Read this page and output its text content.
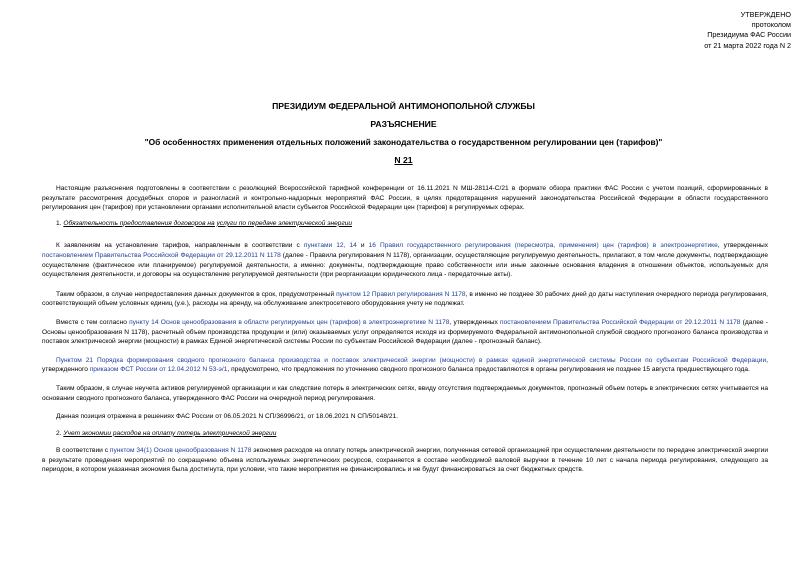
УТВЕРЖДЕНО
протоколом
Президиума ФАС России
от 21 марта 2022 года N 2
ПРЕЗИДИУМ ФЕДЕРАЛЬНОЙ АНТИМОНОПОЛЬНОЙ СЛУЖБЫ
РАЗЪЯСНЕНИЕ
"Об особенностях применения отдельных положений законодательства о государственном регулировании цен (тарифов)"
N 21

Настоящие разъяснения подготовлены в соответствии с резолюцией Всероссийской тарифной конференции от 16.11.2021 N МШ-28114-С/21 в формате обзора практики ФАС России с учетом позиций, сформированных в результате рассмотрения досудебных споров и разногласий и контрольно-надзорных мероприятий ФАС России, в целях предотвращения нарушений законодательства Российской Федерации в области государственного регулирования цен (тарифов) при установлении органами исполнительной власти субъектов Российской Федерации цен (тарифов) в регулируемых сферах.

1. Обязательность предоставления договоров на услуги по передаче электрической энергии

К заявлениям на установление тарифов, направленным в соответствии с пунктами 12, 14 и 16 Правил государственного регулирования (пересмотра, применения) цен (тарифов) в электроэнергетике, утвержденных постановлением Правительства Российской Федерации от 29.12.2011 N 1178 (далее - Правила регулирования N 1178), организации, осуществляющие регулируемую деятельность, прилагают, в том числе документы, подтверждающие осуществление (фактическое или планируемое) регулируемой деятельности, а именно: документы, подтверждающие право собственности или иные законные основания владения в отношении объектов, используемых для осуществления деятельности, и договоры на осуществление регулируемой деятельности (при реорганизации юридического лица - передаточные акты).

Таким образом, в случае непредоставления данных документов в срок, предусмотренный пунктом 12 Правил регулирования N 1178, в именно не позднее 30 рабочих дней до даты наступления очередного периода регулирования, соответствующий объем условных единиц (у.е.), расходы на аренду, на обслуживание электросетевого оборудования учету не подлежат.

Вместе с тем согласно пункту 14 Основ ценообразования в области регулируемых цен (тарифов) в электроэнергетике N 1178, утвержденных постановлением Правительства Российской Федерации от 29.12.2011 N 1178 (далее - Основы ценообразования N 1178), расчетный объем производства продукции и (или) оказываемых услуг определяется исходя из формируемого Федеральной антимонопольной службой сводного прогнозного баланса производства и поставок электрической энергии (мощности) в рамках Единой энергетической системы России по субъектам Российской Федерации (далее - прогнозный баланс).

Пунктом 21 Порядка формирования сводного прогнозного баланса производства и поставок электрической энергии (мощности) в рамках единой энергетической системы России по субъектам Российской Федерации, утвержденного приказом ФСТ России от 12.04.2012 N 53-э/1, предусмотрено, что предложения по уточнению сводного прогнозного баланса предоставляются в органы регулирования не позднее 15 августа предшествующего года.

Таким образом, в случае неучета активов регулируемой организации и как следствие потерь в электрических сетях, ввиду отсутствия подтверждаемых документов, прогнозный объем потерь в электрических сетях учитывается на основании сводного прогнозного баланса, утвержденного ФАС России на очередной период регулирования.

Данная позиция отражена в решениях ФАС России от 06.05.2021 N СП/36996/21, от 18.06.2021 N СП/50148/21.

2. Учет экономии расходов на оплату потерь электрической энергии

В соответствии с пунктом 34(1) Основ ценообразования N 1178 экономия расходов на оплату потерь электрической энергии, полученная сетевой организацией при осуществлении деятельности по передаче электрической энергии в результате проведения мероприятий по сокращению объема используемых энергетических ресурсов, сохраняется в составе необходимой валовой выручки в течение 10 лет с начала периода регулирования, следующего за периодом, в котором указанная экономия была достигнута, при условии, что такие мероприятия не финансировались и не будут финансироваться за счет бюджетных средств.
